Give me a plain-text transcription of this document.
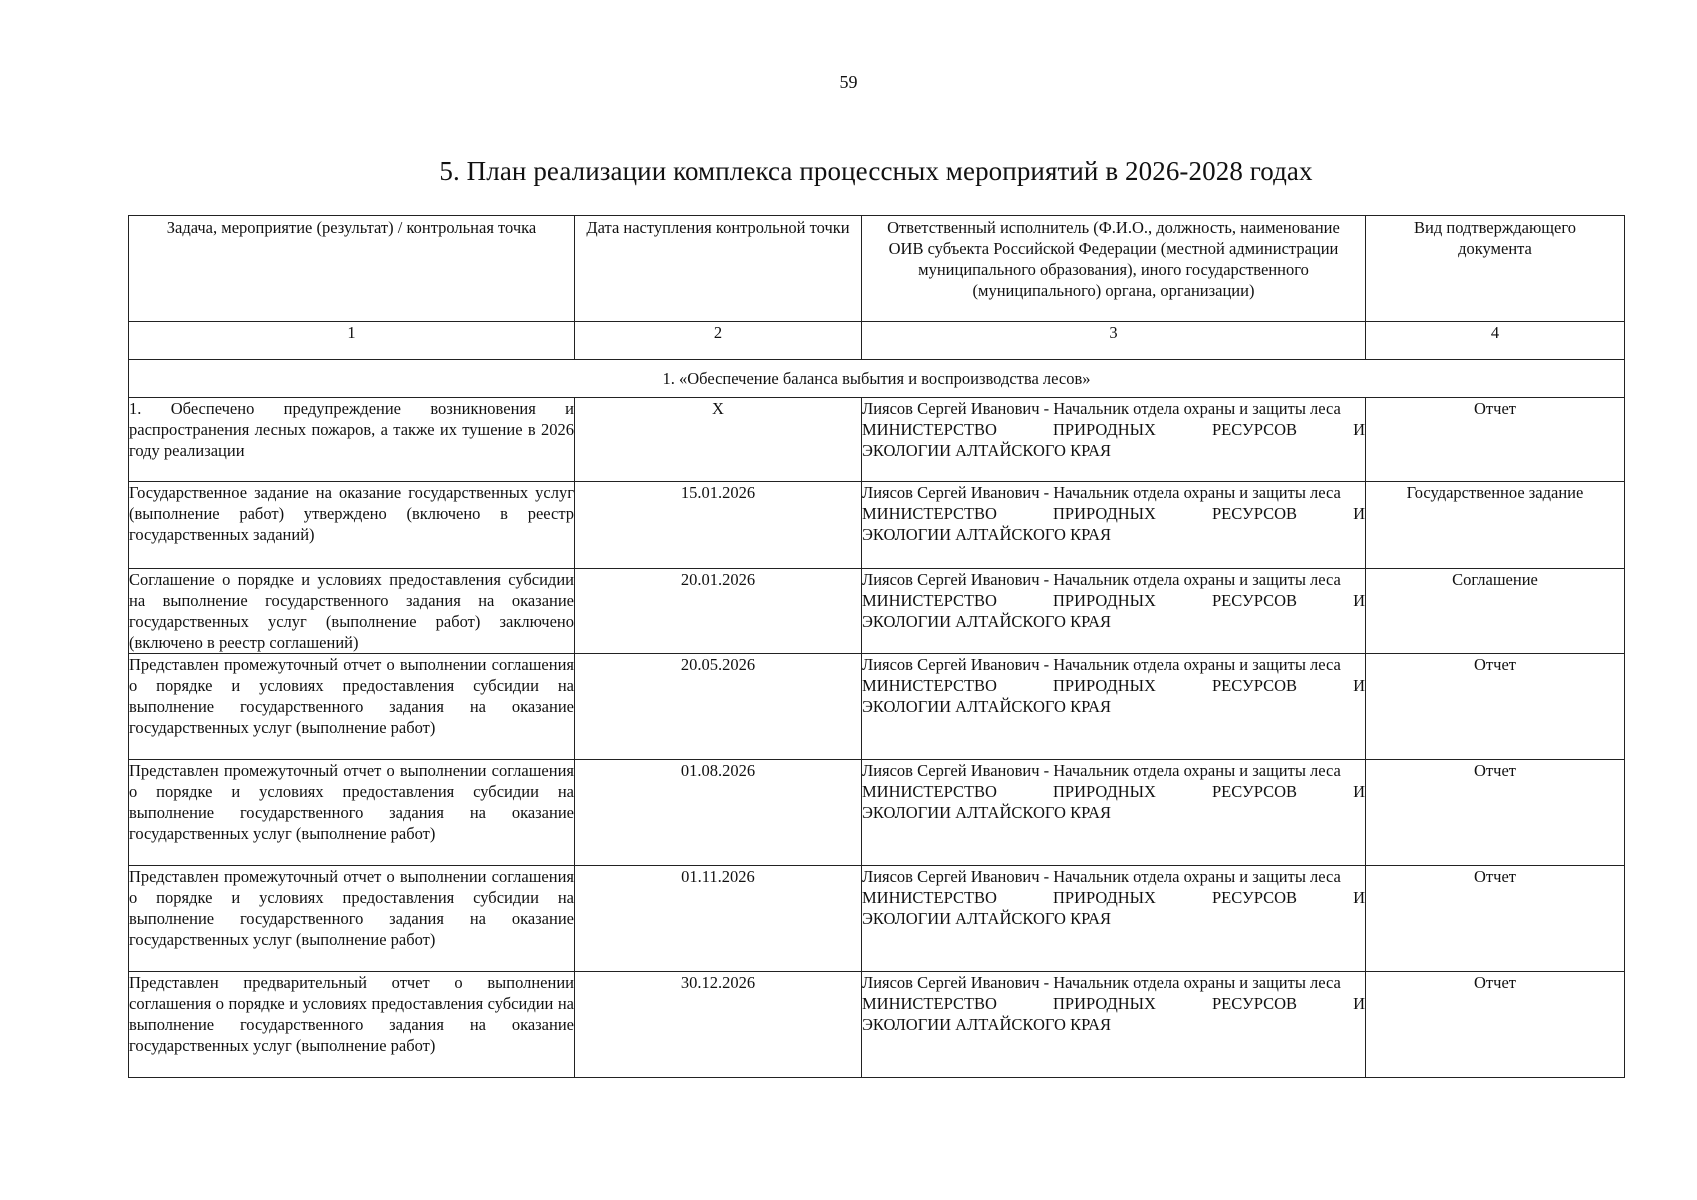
59
5. План реализации комплекса процессных мероприятий в 2026-2028 годах
Задача, мероприятие (результат) / контрольная точка	Дата наступления контрольной точки	Ответственный исполнитель (Ф.И.О., должность, наименование ОИВ субъекта Российской Федерации (местной администрации муниципального образования), иного государственного (муниципального) органа, организации)	Вид подтверждающего документа
1	2	3	4
1. «Обеспечение баланса выбытия и воспроизводства лесов»			
1. Обеспечено предупреждение возникновения и распространения лесных пожаров, а также их тушение в 2026 году реализации	X	Лиясов Сергей Иванович - Начальник отдела охраны и защиты леса
МИНИСТЕРСТВО ПРИРОДНЫХ РЕСУРСОВ И
ЭКОЛОГИИ АЛТАЙСКОГО КРАЯ	Отчет
Государственное задание на оказание государственных услуг (выполнение работ) утверждено (включено в реестр государственных заданий)	15.01.2026	Лиясов Сергей Иванович - Начальник отдела охраны и защиты леса
МИНИСТЕРСТВО ПРИРОДНЫХ РЕСУРСОВ И
ЭКОЛОГИИ АЛТАЙСКОГО КРАЯ	Государственное задание
Соглашение о порядке и условиях предоставления субсидии на выполнение государственного задания на оказание государственных услуг (выполнение работ) заключено (включено в реестр соглашений)	20.01.2026	Лиясов Сергей Иванович - Начальник отдела охраны и защиты леса
МИНИСТЕРСТВО ПРИРОДНЫХ РЕСУРСОВ И
ЭКОЛОГИИ АЛТАЙСКОГО КРАЯ	Соглашение
Представлен промежуточный отчет о выполнении соглашения о порядке и условиях предоставления субсидии на выполнение государственного задания на оказание государственных услуг (выполнение работ)	20.05.2026	Лиясов Сергей Иванович - Начальник отдела охраны и защиты леса
МИНИСТЕРСТВО ПРИРОДНЫХ РЕСУРСОВ И
ЭКОЛОГИИ АЛТАЙСКОГО КРАЯ	Отчет
Представлен промежуточный отчет о выполнении соглашения о порядке и условиях предоставления субсидии на выполнение государственного задания на оказание государственных услуг (выполнение работ)	01.08.2026	Лиясов Сергей Иванович - Начальник отдела охраны и защиты леса
МИНИСТЕРСТВО ПРИРОДНЫХ РЕСУРСОВ И
ЭКОЛОГИИ АЛТАЙСКОГО КРАЯ	Отчет
Представлен промежуточный отчет о выполнении соглашения о порядке и условиях предоставления субсидии на выполнение государственного задания на оказание государственных услуг (выполнение работ)	01.11.2026	Лиясов Сергей Иванович - Начальник отдела охраны и защиты леса
МИНИСТЕРСТВО ПРИРОДНЫХ РЕСУРСОВ И
ЭКОЛОГИИ АЛТАЙСКОГО КРАЯ	Отчет
Представлен предварительный отчет о выполнении соглашения о порядке и условиях предоставления субсидии на выполнение государственного задания на оказание государственных услуг (выполнение работ)	30.12.2026	Лиясов Сергей Иванович - Начальник отдела охраны и защиты леса
МИНИСТЕРСТВО ПРИРОДНЫХ РЕСУРСОВ И
ЭКОЛОГИИ АЛТАЙСКОГО КРАЯ	Отчет
